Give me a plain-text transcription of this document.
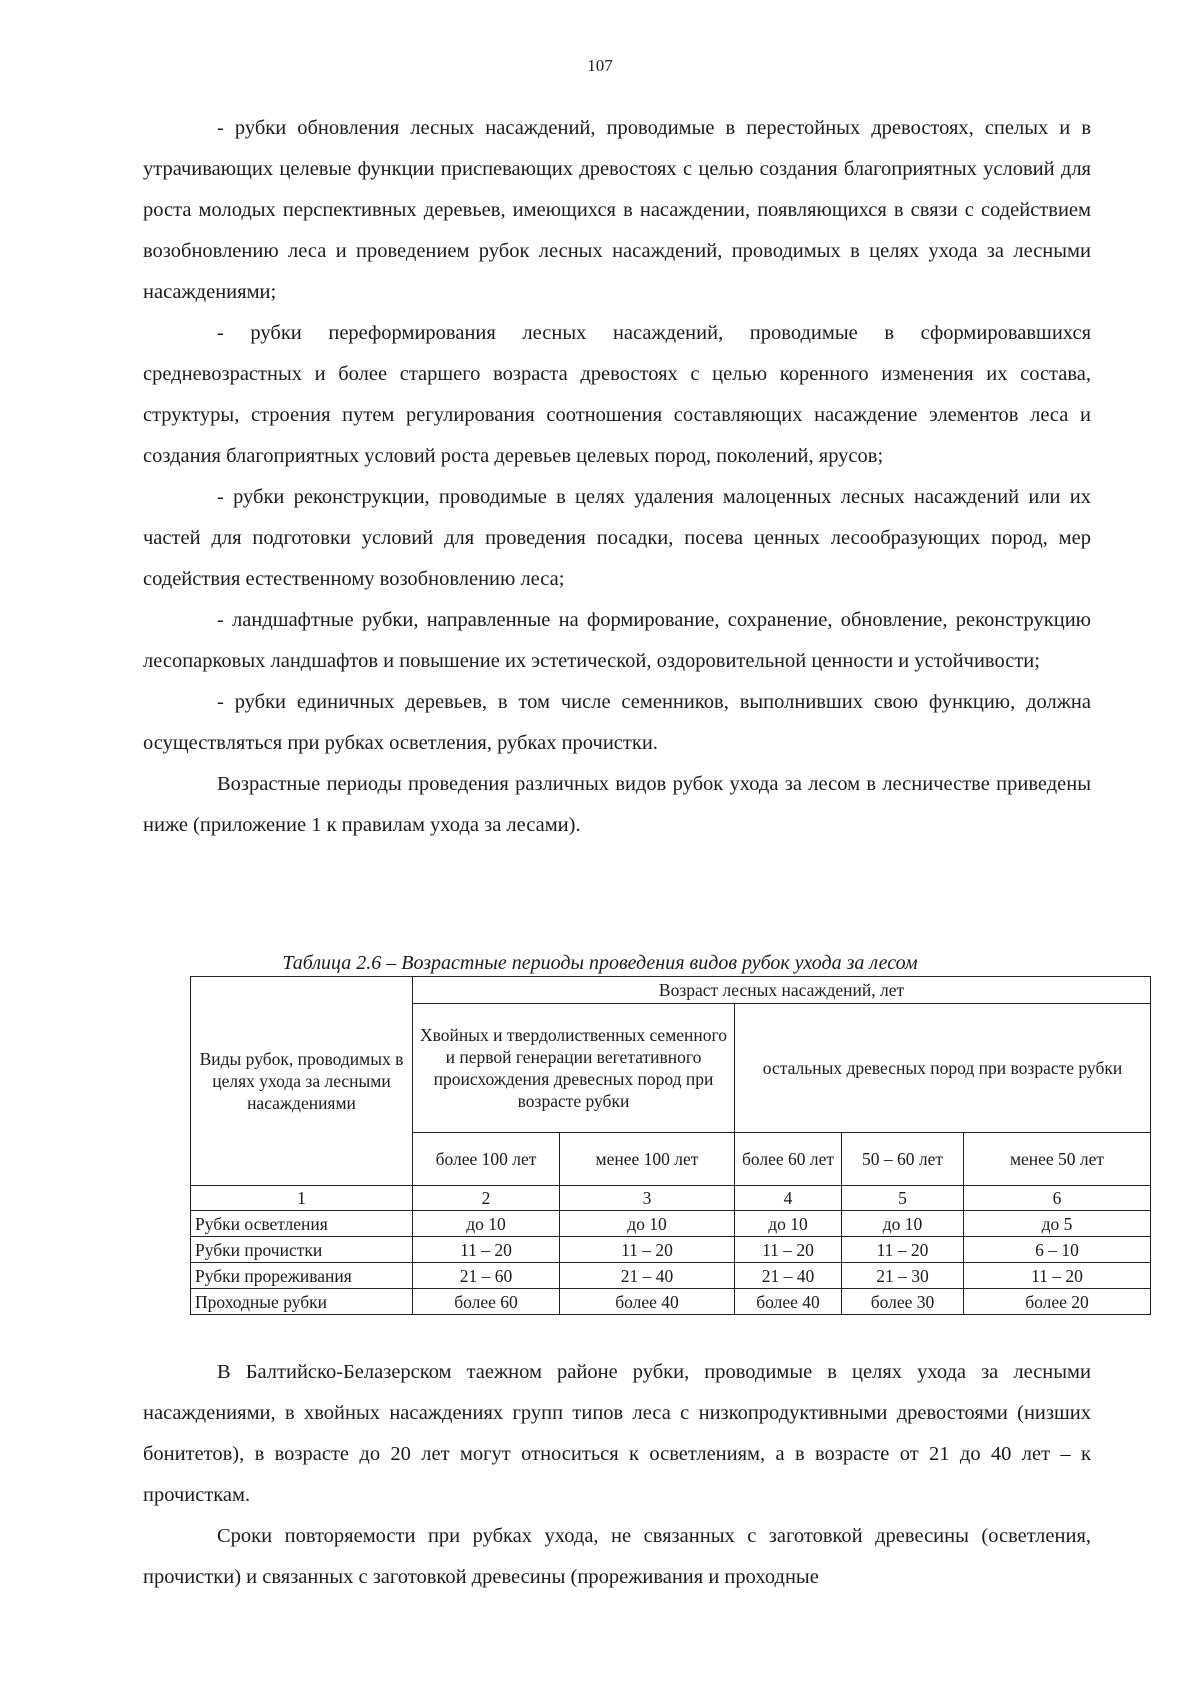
107

- рубки обновления лесных насаждений, проводимые в перестойных древостоях, спелых и в утрачивающих целевые функции приспевающих древостоях с целью создания благоприятных условий для роста молодых перспективных деревьев, имеющихся в насаждении, появляющихся в связи с содействием возобновлению леса и проведением рубок лесных насаждений, проводимых в целях ухода за лесными насаждениями;

- рубки переформирования лесных насаждений, проводимые в сформировавшихся средневозрастных и более старшего возраста древостоях с целью коренного изменения их состава, структуры, строения путем регулирования соотношения составляющих насаждение элементов леса и создания благоприятных условий роста деревьев целевых пород, поколений, ярусов;

- рубки реконструкции, проводимые в целях удаления малоценных лесных насаждений или их частей для подготовки условий для проведения посадки, посева ценных лесообразующих пород, мер содействия естественному возобновлению леса;

- ландшафтные рубки, направленные на формирование, сохранение, обновление, реконструкцию лесопарковых ландшафтов и повышение их эстетической, оздоровительной ценности и устойчивости;

- рубки единичных деревьев, в том числе семенников, выполнивших свою функцию, должна осуществляться при рубках осветления, рубках прочистки.

Возрастные периоды проведения различных видов рубок ухода за лесом в лесничестве приведены ниже (приложение 1 к правилам ухода за лесами).

Таблица 2.6 – Возрастные периоды проведения видов рубок ухода за лесом
Виды рубок, проводимых в целях ухода за лесными насаждениями	Возраст лесных насаждений, лет				
	Хвойных и твердолиственных семенного и первой генерации вегетативного происхождения древесных пород при возрасте рубки		остальных древесных пород при возрасте рубки		
	более 100 лет	менее 100 лет	более 60 лет	50 – 60 лет	менее 50 лет
1	2	3	4	5	6
Рубки осветления	до 10	до 10	до 10	до 10	до 5
Рубки прочистки	11 – 20	11 – 20	11 – 20	11 – 20	6 – 10
Рубки прореживания	21 – 60	21 – 40	21 – 40	21 – 30	11 – 20
Проходные рубки	более 60	более 40	более 40	более 30	более 20

В Балтийско-Белазерском таежном районе рубки, проводимые в целях ухода за лесными насаждениями, в хвойных насаждениях групп типов леса с низкопродуктивными древостоями (низших бонитетов), в возрасте до 20 лет могут относиться к осветлениям, а в возрасте от 21 до 40 лет – к прочисткам.

Сроки повторяемости при рубках ухода, не связанных с заготовкой древесины (осветления, прочистки) и связанных с заготовкой древесины (прореживания и проходные
